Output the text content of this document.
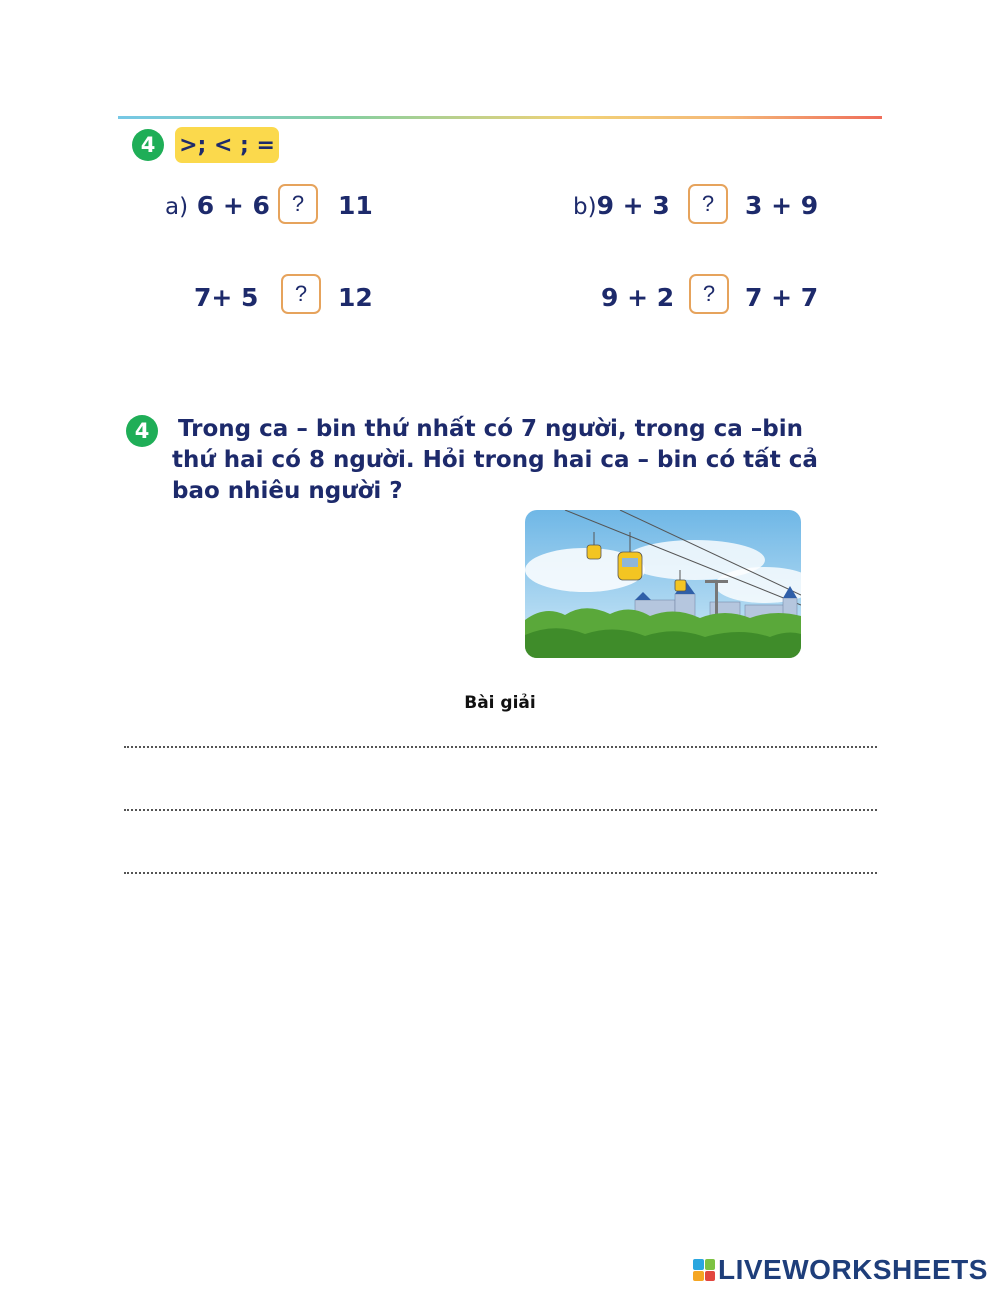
4	>; < ; =
a) 6 + 6 ?	11	b)9 + 3	?	3 + 9
7+ 5	?	12	9 + 2	?	7 + 7
4	Trong ca – bin thứ nhất có 7 người, trong ca –bin
thứ hai có 8 người. Hỏi trong hai ca – bin có tất cả
bao nhiêu người ?
Bài giải
LIVEWORKSHEETS
